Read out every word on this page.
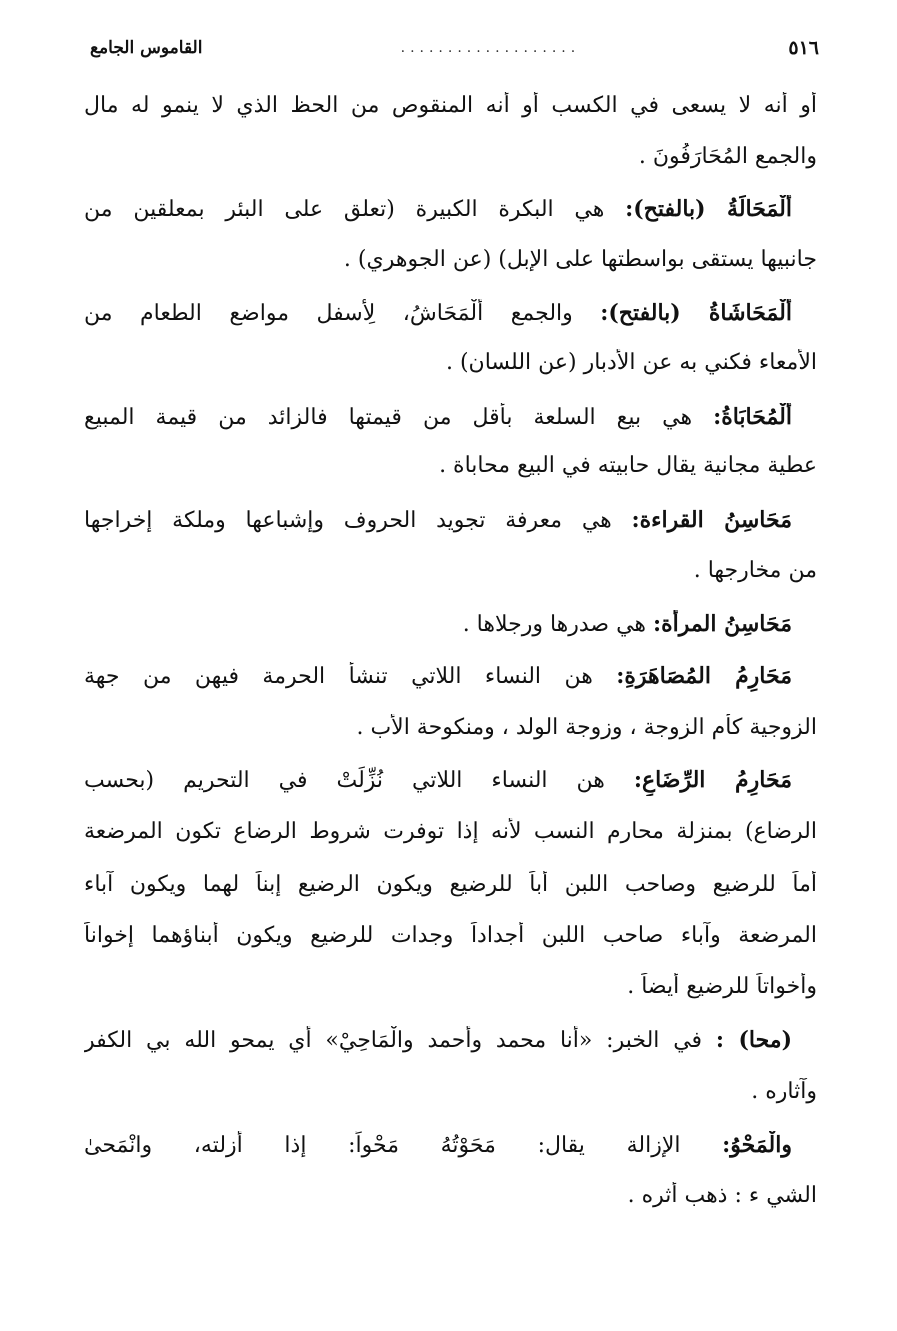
٥١٦
...................
القاموس الجامع
أو أنه لا يسعى في الكسب أو أنه المنقوص من الحظ الذي لا ينمو له مال
والجمع المُحَارَفُونَ .
أَلْمَحَالَةُ (بالفتح): هي البكرة الكبيرة (تعلق على البئر بمعلقين من
جانبيها يستقى بواسطتها على الإبل) (عن الجوهري) .
أَلْمَحَاشَاةُ (بالفتح): والجمع أَلْمَحَاشُ، لِأسفل مواضع الطعام من
الأمعاء فكني به عن الأدبار (عن اللسان) .
أَلْمُحَابَاةُ: هي بيع السلعة بأقل من قيمتها فالزائد من قيمة المبيع
عطية مجانية يقال حابيته في البيع محاباة .
مَحَاسِنُ القراءة: هي معرفة تجويد الحروف وإشباعها وملكة إخراجها
من مخارجها .
مَحَاسِنُ المرأة: هي صدرها ورجلاها .
مَحَارِمُ المُصَاهَرَةِ: هن النساء اللاتي تنشأ الحرمة فيهن من جهة
الزوجية كأم الزوجة ، وزوجة الولد ، ومنكوحة الأب .
مَحَارِمُ الرِّضَاعِ: هن النساء اللاتي نُزِّلَتْ في التحريم (بحسب
الرضاع) بمنزلة محارم النسب لأنه إذا توفرت شروط الرضاع تكون المرضعة
أماً للرضيع وصاحب اللبن أباً للرضيع ويكون الرضيع إبناً لهما ويكون آباء
المرضعة وآباء صاحب اللبن أجداداً وجدات للرضيع ويكون أبناؤهما إخواناً
وأخواتاً للرضيع أيضاً .
(محا) : في الخبر: «أنا محمد وأحمد والْمَاحِيْ» أي يمحو الله بي الكفر
وآثاره .
والْمَحْوُ: الإزالة يقال: مَحَوْتُهُ مَحْواً: إذا أزلته، وانْمَحىٰ
الشي ء : ذهب أثره .
